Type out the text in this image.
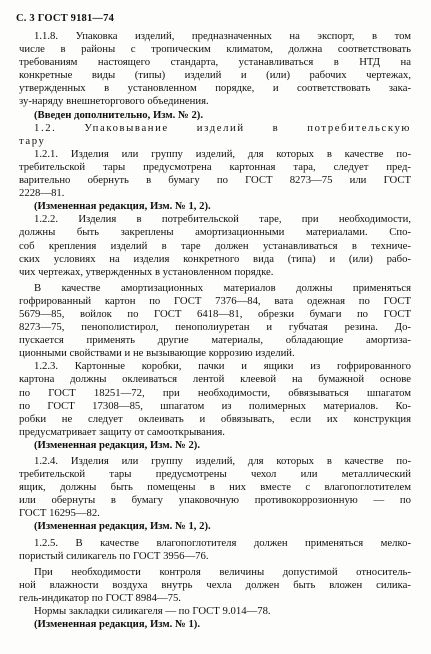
С. 3 ГОСТ 9181—74
1.1.8. Упаковка изделий, предназначенных на экспорт, в том
числе в районы с тропическим климатом, должна соответствовать
требованиям настоящего стандарта, устанавливаться в НТД на
конкретные виды (типы) изделий и (или) рабочих чертежах,
утвержденных в установленном порядке, и соответствовать зака-
зу-наряду внешнеторгового объединения.
(Введен дополнительно, Изм. № 2).
1.2. Упаковывание изделий в потребительскую
тару
1.2.1. Изделия или группу изделий, для которых в качестве по-
требительской тары предусмотрена картонная тара, следует пред-
варительно обернуть в бумагу по ГОСТ 8273—75 или ГОСТ
2228—81.
(Измененная редакция, Изм. № 1, 2).
1.2.2. Изделия в потребительской таре, при необходимости,
должны быть закреплены амортизационными материалами. Спо-
соб крепления изделий в таре должен устанавливаться в техниче-
ских условиях на изделия конкретного вида (типа) и (или) рабо-
чих чертежах, утвержденных в установленном порядке.
В качестве амортизационных материалов должны применяться
гофрированный картон по ГОСТ 7376—84, вата одежная по ГОСТ
5679—85, войлок по ГОСТ 6418—81, обрезки бумаги по ГОСТ
8273—75, пенополистирол, пенополиуретан и губчатая резина. До-
пускается применять другие материалы, обладающие амортиза-
ционными свойствами и не вызывающие коррозию изделий.
1.2.3. Картонные коробки, пачки и ящики из гофрированного
картона должны оклеиваться лентой клеевой на бумажной основе
по ГОСТ 18251—72, при необходимости, обвязываться шпагатом
по ГОСТ 17308—85, шпагатом из полимерных материалов. Ко-
робки не следует оклеивать и обвязывать, если их конструкция
предусматривает защиту от самооткрывания.
(Измененная редакция, Изм. № 2).
1.2.4. Изделия или группу изделий, для которых в качестве по-
требительской тары предусмотрены чехол или металлический
ящик, должны быть помещены в них вместе с влагопоглотителем
или обернуты в бумагу упаковочную противокоррозионную — по
ГОСТ 16295—82.
(Измененная редакция, Изм. № 1, 2).
1.2.5. В качестве влагопоглотителя должен применяться мелко-
пористый силикагель по ГОСТ 3956—76.
При необходимости контроля величины допустимой относитель-
ной влажности воздуха внутрь чехла должен быть вложен силика-
гель-индикатор по ГОСТ 8984—75.
Нормы закладки силикагеля — по ГОСТ 9.014—78.
(Измененная редакция, Изм. № 1).
